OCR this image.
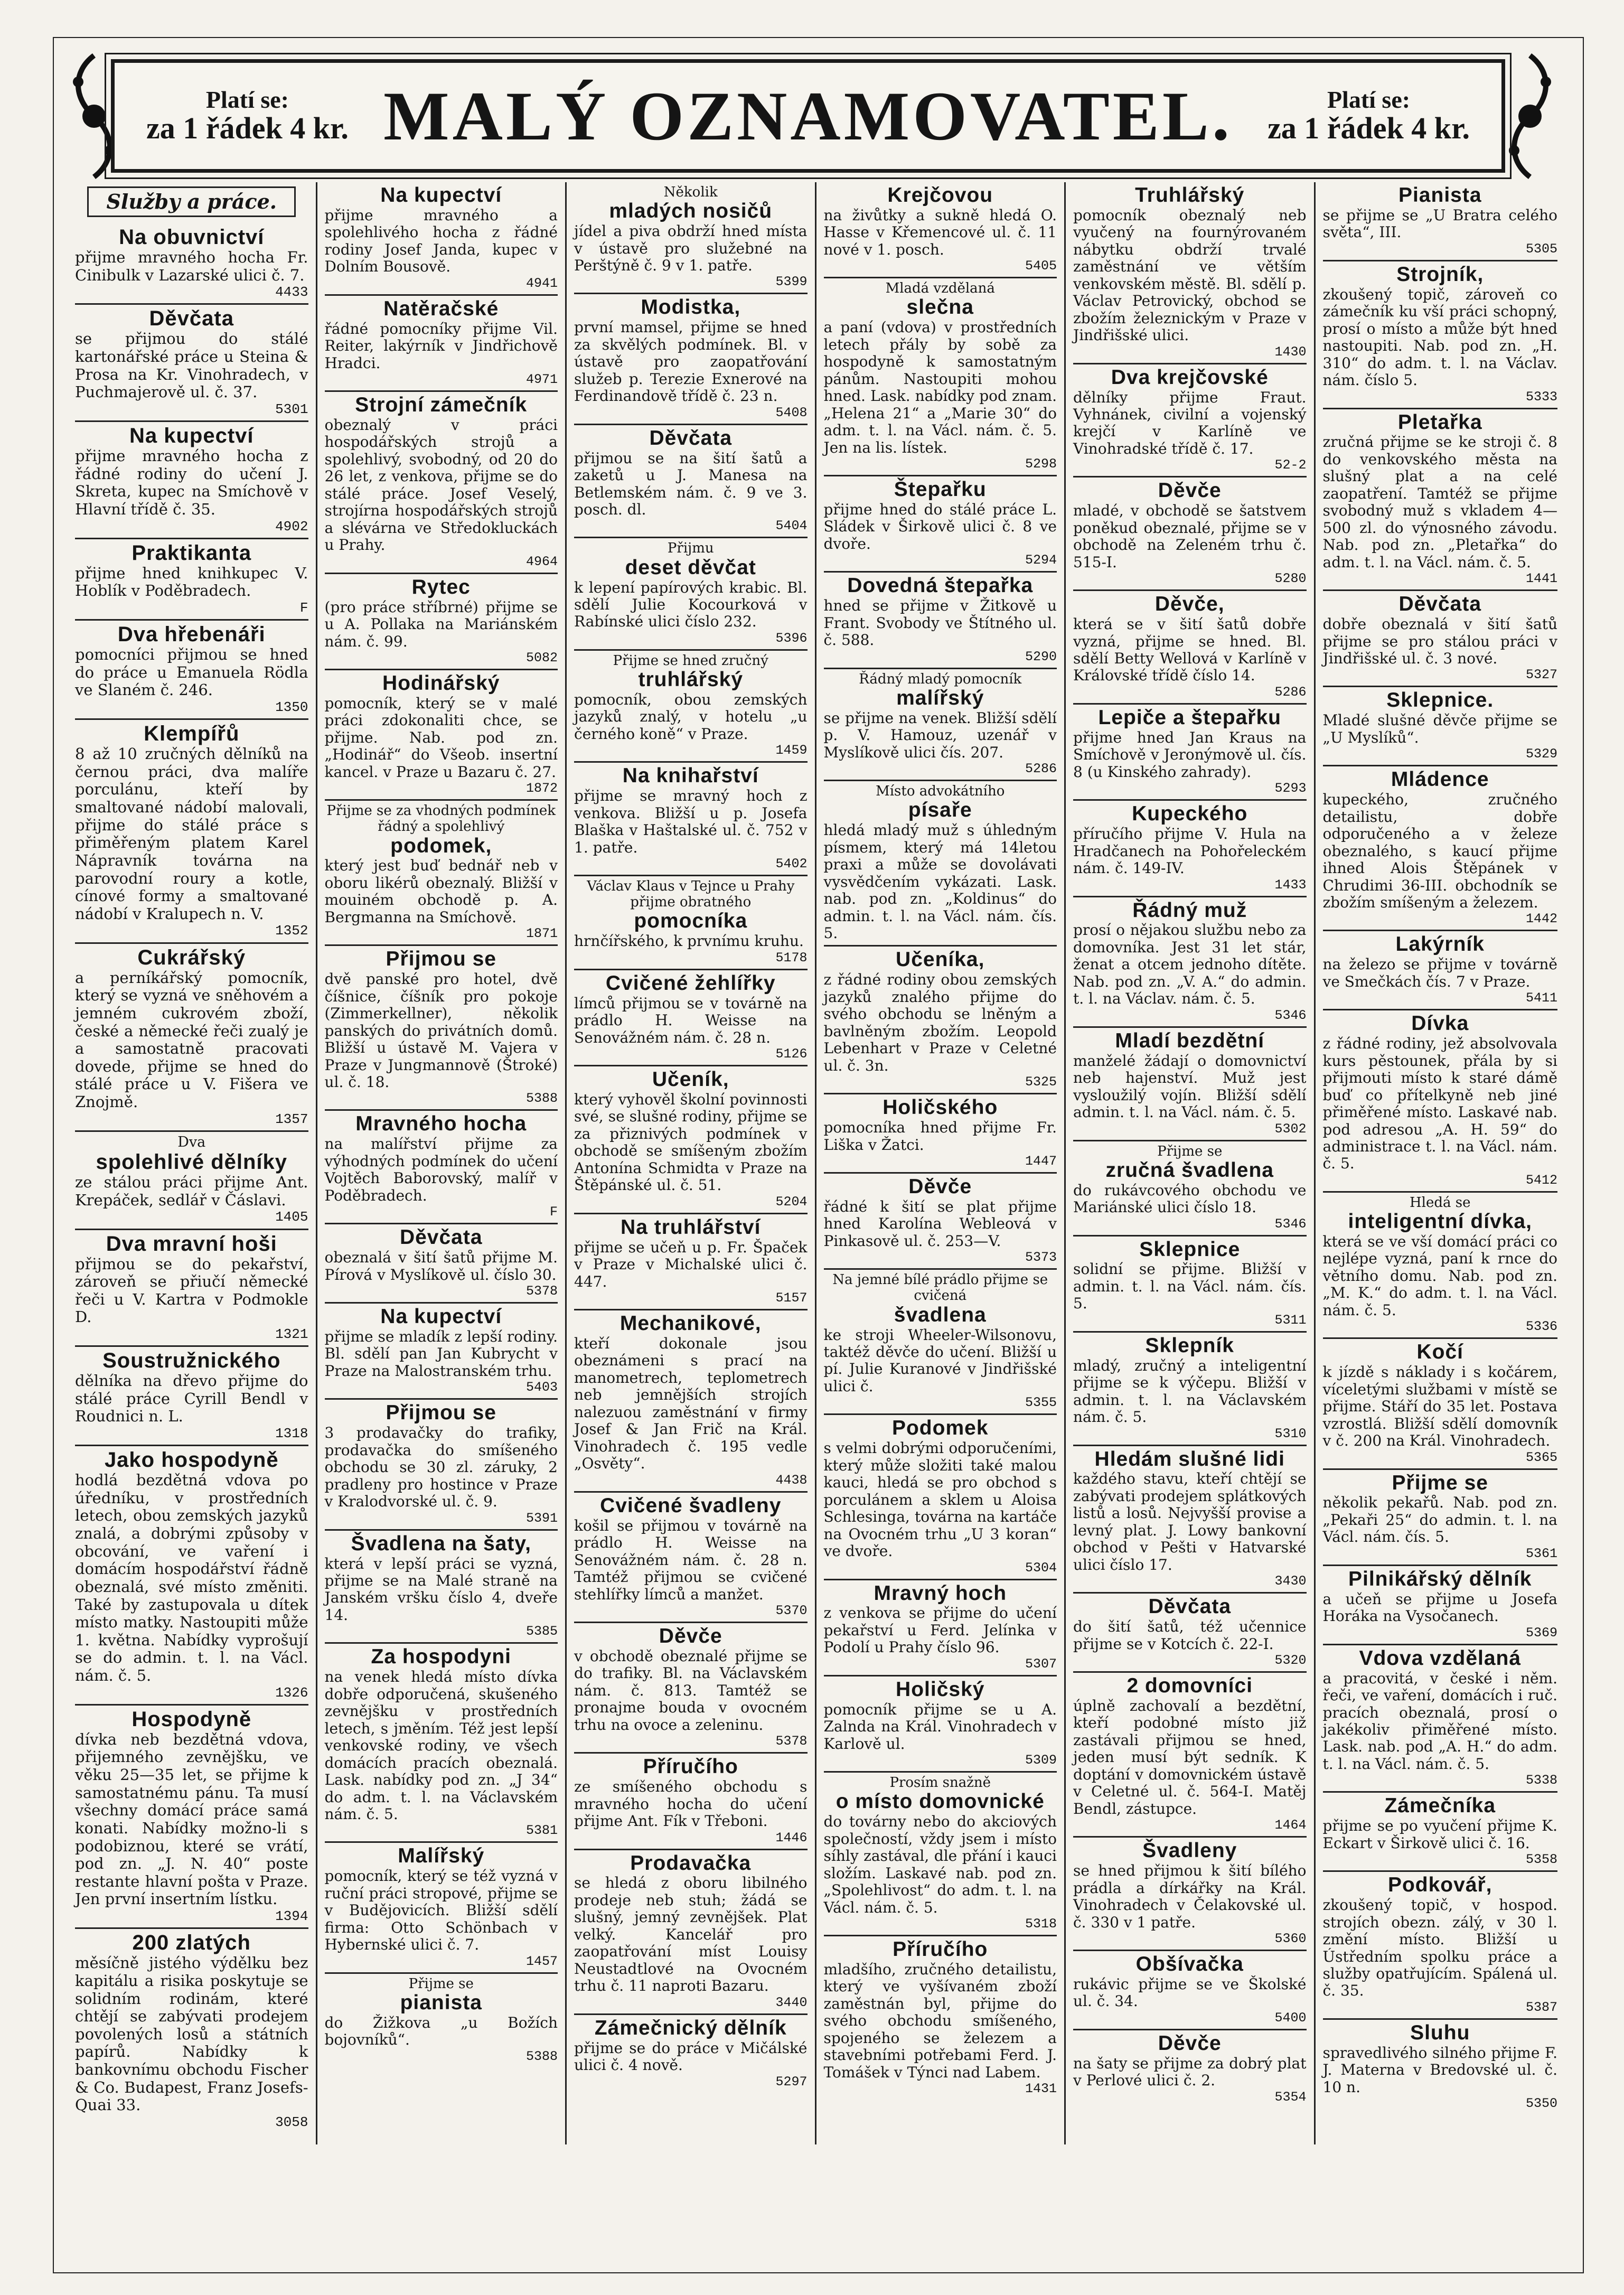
Platí se:
za 1 řádek 4 kr. MALÝ OZNAMOVATEL.	Platí se:
za 1 řádek 4 kr.
Služby a práce.
Na obuvnictví
přijme mravného hocha Fr. Cinibulk v Lazarské ulici č. 7.
4433
Děvčata
se přijmou do stálé kartonářské práce u Steina & Prosa na Kr. Vinohradech, v Puchmajerově ul. č. 37.
5301
Na kupectví
přijme mravného hocha z řádné rodiny do učení J. Skreta, kupec na Smíchově v Hlavní třídě č. 35.
4902
Praktikanta
přijme hned knihkupec V. Hoblík v Poděbradech.
F
Dva hřebenáři
pomocníci přijmou se hned do práce u Emanuela Rödla ve Slaném č. 246.
1350
Klempířů
8 až 10 zručných dělníků na černou práci, dva malíře porculánu, kteří by smaltované nádobí malovali, přijme do stálé práce s přiměřeným platem Karel Nápravník továrna na parovodní roury a kotle, cínové formy a smaltované nádobí v Kralupech n. V.
1352
Cukrářský
a perníkářský pomocník, který se vyzná ve sněhovém a jemném cukrovém zboží, české a německé řeči zualý je a samostatně pracovati dovede, přijme se hned do stálé práce u V. Fišera ve Znojmě.
1357
Dva
spolehlivé dělníky
ze stálou práci přijme Ant. Krepáček, sedlář v Čáslavi.
1405
Dva mravní hoši
přijmou se do pekařství, zároveň se přiučí německé řeči u V. Kartra v Podmokle D.
1321
Soustružnického
dělníka na dřevo přijme do stálé práce Cyrill Bendl v Roudnici n. L.
1318
Jako hospodyně
hodlá bezdětná vdova po úředníku, v prostředních letech, obou zemských jazyků znalá, a dobrými způsoby v obcování, ve vaření i domácím hospodářství řádně obeznalá, své místo změniti. Také by zastupovala u dítek místo matky. Nastoupiti může 1. května. Nabídky vyprošují se do admin. t. l. na Václ. nám. č. 5.
1326
Hospodyně
dívka neb bezdětná vdova, přijemného zevnějšku, ve věku 25—35 let, se přijme k samostatnému pánu. Ta musí všechny domácí práce samá konati. Nabídky možno-li s podobiznou, které se vrátí, pod zn. „J. N. 40“ poste restante hlavní pošta v Praze. Jen první insertním lístku.
1394
200 zlatých
měsíčně jistého výdělku bez kapitálu a risika poskytuje se solidním rodinám, které chtějí se zabývati prodejem povolených losů a státních papírů. Nabídky k bankovnímu obchodu Fischer & Co. Budapest, Franz Josefs-Quai 33.
3058
Na kupectví
přijme mravného a spolehlivého hocha z řádné rodiny Josef Janda, kupec v Dolním Bousově.
4941
Natěračské
řádné pomocníky přijme Vil. Reiter, lakýrník v Jindřichově Hradci.
4971
Strojní zámečník
obeznalý v práci hospodářských strojů a spolehlivý, svobodný, od 20 do 26 let, z venkova, přijme se do stálé práce. Josef Veselý, strojírna hospodářských strojů a slévárna ve Středokluckách u Prahy.
4964
Rytec
(pro práce stříbrné) přijme se u A. Pollaka na Mariánském nám. č. 99.
5082
Hodinářský
pomocník, který se v malé práci zdokonaliti chce, se přijme. Nab. pod zn. „Hodinář“ do Všeob. insertní kancel. v Praze u Bazaru č. 27.
1872
Přijme se za vhodných podmínek řádný a spolehlivý
podomek,
který jest buď bednář neb v oboru likérů obeznalý. Bližší v mouiném obchodě p. A. Bergmanna na Smíchově.
1871
Přijmou se
dvě panské pro hotel, dvě číšnice, číšník pro pokoje (Zimmerkellner), několik panských do privátních domů. Bližší u ústavě M. Vajera v Praze v Jungmannově (Štroké) ul. č. 18.
5388
Mravného hocha
na malířství přijme za výhodných podmínek do učení Vojtěch Baborovský, malíř v Poděbradech.
F
Děvčata
obeznalá v šití šatů přijme M. Pírová v Myslíkově ul. číslo 30.
5378
Na kupectví
přijme se mladík z lepší rodiny. Bl. sdělí pan Jan Kubrycht v Praze na Malostranském trhu.
5403
Přijmou se
3 prodavačky do trafiky, prodavačka do smíšeného obchodu se 30 zl. záruky, 2 pradleny pro hostince v Praze v Kralodvorské ul. č. 9.
5391
Švadlena na šaty,
která v lepší práci se vyzná, přijme se na Malé straně na Janském vršku číslo 4, dveře 14.
5385
Za hospodyni
na venek hledá místo dívka dobře odporučená, skušeného zevnějšku v prostředních letech, s jměním. Též jest lepší venkovské rodiny, ve všech domácích pracích obeznalá. Lask. nabídky pod zn. „J 34“ do adm. t. l. na Václavském nám. č. 5.
5381
Malířský
pomocník, který se též vyzná v ruční práci stropové, přijme se v Budějovicích. Bližší sdělí firma: Otto Schönbach v Hybernské ulici č. 7.
1457
Přijme se
pianista
do Žižkova „u Božích bojovníků“.
5388
Několik
mladých nosičů
jídel a piva obdrží hned místa v ústavě pro služebné na Perštýně č. 9 v 1. patře.
5399
Modistka,
první mamsel, přijme se hned za skvělých podmínek. Bl. v ústavě pro zaopatřování služeb p. Terezie Exnerové na Ferdinandově třídě č. 23 n.
5408
Děvčata
přijmou se na šití šatů a zaketů u J. Manesa na Betlemském nám. č. 9 ve 3. posch. dl.
5404
Přijmu
deset děvčat
k lepení papírových krabic. Bl. sdělí Julie Kocourková v Rabínské ulici číslo 232.
5396
Přijme se hned zručný
truhlářský
pomocník, obou zemských jazyků znalý, v hotelu „u černého koně“ v Praze.
1459
Na knihařství
přijme se mravný hoch z venkova. Bližší u p. Josefa Blaška v Haštalské ul. č. 752 v 1. patře.
5402
Václav Klaus v Tejnce u Prahy přijme obratného
pomocníka
hrnčířského, k prvnímu kruhu.
5178
Cvičené žehlířky
límců přijmou se v továrně na prádlo H. Weisse na Senovážném nám. č. 28 n.
5126
Učeník,
který vyhověl školní povinnosti své, se slušné rodiny, přijme se za přiznivých podmínek v obchodě se smíšeným zbožím Antonína Schmidta v Praze na Štěpánské ul. č. 51.
5204
Na truhlářství
přijme se učeň u p. Fr. Špaček v Praze v Michalské ulici č. 447.
5157
Mechanikové,
kteří dokonale jsou obeznámeni s prací na manometrech, teplometrech neb jemnějších strojích nalezuou zaměstnání v firmy Josef & Jan Frič na Král. Vinohradech č. 195 vedle „Osvěty“.
4438
Cvičené švadleny
košil se přijmou v továrně na prádlo H. Weisse na Senovážném nám. č. 28 n. Tamtéž přijmou se cvičené stehlířky límců a manžet.
5370
Děvče
v obchodě obeznalé přijme se do trafiky. Bl. na Václavském nám. č. 813. Tamtéž se pronajme bouda v ovocném trhu na ovoce a zeleninu.
5378
Příručího
ze smíšeného obchodu s mravného hocha do učení přijme Ant. Fík v Třeboni.
1446
Prodavačka
se hledá z oboru libilného prodeje neb stuh; žádá se slušný, jemný zevnějšek. Plat velký. Kancelář pro zaopatřování míst Louisy Neustadtlové na Ovocném trhu č. 11 naproti Bazaru.
3440
Zámečnický dělník
přijme se do práce v Mičálské ulici č. 4 nově.
5297
Krejčovou
na živůtky a sukně hledá O. Hasse v Křemencové ul. č. 11 nové v 1. posch.
5405
Mladá vzdělaná
slečna
a paní (vdova) v prostředních letech přály by sobě za hospodyně k samostatným pánům. Nastoupiti mohou hned. Lask. nabídky pod znam. „Helena 21“ a „Marie 30“ do adm. t. l. na Václ. nám. č. 5. Jen na lis. lístek.
5298
Štepařku
přijme hned do stálé práce L. Sládek v Širkově ulici č. 8 ve dvoře.
5294
Dovedná štepařka
hned se přijme v Žitkově u Frant. Svobody ve Štítného ul. č. 588.
5290
Řádný mladý pomocník
malířský
se přijme na venek. Bližší sdělí p. V. Hamouz, uzenář v Myslíkově ulici čís. 207.
5286
Místo advokátního
písaře
hledá mladý muž s úhledným písmem, který má 14letou praxi a může se dovolávati vysvědčením vykázati. Lask. nab. pod zn. „Koldinus“ do admin. t. l. na Václ. nám. čís. 5.
Učeníka,
z řádné rodiny obou zemských jazyků znalého přijme do svého obchodu se lněným a bavlněným zbožím. Leopold Lebenhart v Praze v Celetné ul. č. 3n.
5325
Holičského
pomocníka hned přijme Fr. Liška v Žatci.
1447
Děvče
řádné k šití se plat přijme hned Karolína Webleová v Pinkasově ul. č. 253—V.
5373
Na jemné bílé prádlo přijme se cvičená
švadlena
ke stroji Wheeler-Wilsonovu, taktéž děvče do učení. Bližší u pí. Julie Kuranové v Jindřišské ulici č.
5355
Podomek
s velmi dobrými odporučeními, který může složiti také malou kauci, hledá se pro obchod s porculánem a sklem u Aloisa Schlesinga, továrna na kartáče na Ovocném trhu „U 3 koran“ ve dvoře.
5304
Mravný hoch
z venkova se přijme do učení pekařství u Ferd. Jelínka v Podolí u Prahy číslo 96.
5307
Holičský
pomocník přijme se u A. Zalnda na Král. Vinohradech v Karlově ul.
5309
Prosím snažně
o místo domovnické
do továrny nebo do akciových společností, vždy jsem i místo síhly zastával, dle přání i kauci složím. Laskavé nab. pod zn. „Spolehlivost“ do adm. t. l. na Václ. nám. č. 5.
5318
Příručího
mladšího, zručného detailistu, který ve vyšívaném zboží zaměstnán byl, přijme do svého obchodu smíšeného, spojeného se železem a stavebními potřebami Ferd. J. Tomášek v Týnci nad Labem.
1431
Truhlářský
pomocník obeznalý neb vyučený na fournýrovaném nábytku obdrží trvalé zaměstnání ve větším venkovském městě. Bl. sdělí p. Václav Petrovický, obchod se zbožím železnickým v Praze v Jindřišské ulici.
1430
Dva krejčovské
dělníky přijme Fraut. Vyhnánek, civilní a vojenský krejčí v Karlíně ve Vinohradské třídě č. 17.
52-2
Děvče
mladé, v obchodě se šatstvem poněkud obeznalé, přijme se v obchodě na Zeleném trhu č. 515-I.
5280
Děvče,
která se v šití šatů dobře vyzná, přijme se hned. Bl. sdělí Betty Wellová v Karlíně v Královské třídě číslo 14.
5286
Lepiče a štepařku
přijme hned Jan Kraus na Smíchově v Jeronýmově ul. čís. 8 (u Kinského zahrady).
5293
Kupeckého
příručího přijme V. Hula na Hradčanech na Pohořeleckém nám. č. 149-IV.
1433
Řádný muž
prosí o nějakou službu nebo za domovníka. Jest 31 let stár, ženat a otcem jednoho dítěte. Nab. pod zn. „V. A.“ do admin. t. l. na Václav. nám. č. 5.
5346
Mladí bezdětní
manželé žádají o domovnictví neb hajenství. Muž jest vysloužilý vojín. Bližší sdělí admin. t. l. na Václ. nám. č. 5.
5302
Přijme se
zručná švadlena
do rukávcového obchodu ve Mariánské ulici číslo 18.
5346
Sklepnice
solidní se přijme. Bližší v admin. t. l. na Václ. nám. čís. 5.
5311
Sklepník
mladý, zručný a inteligentní přijme se k výčepu. Bližší v admin. t. l. na Václavském nám. č. 5.
5310
Hledám slušné lidi
každého stavu, kteří chtějí se zabývati prodejem splátkových listů a losů. Nejvyšší provise a levný plat. J. Lowy bankovní obchod v Pešti v Hatvarské ulici číslo 17.
3430
Děvčata
do šití šatů, též učennice přijme se v Kotcích č. 22-I.
5320
2 domovníci
úplně zachovalí a bezdětní, kteří podobné místo již zastávali přijmou se hned, jeden musí být sedník. K doptání v domovnickém ústavě v Celetné ul. č. 564-I. Matěj Bendl, zástupce.
1464
Švadleny
se hned přijmou k šití bílého prádla a dírkářky na Král. Vinohradech v Čelakovské ul. č. 330 v 1 patře.
5360
Obšívačka
rukávic přijme se ve Školské ul. č. 34.
5400
Děvče
na šaty se přijme za dobrý plat v Perlové ulici č. 2.
5354
Pianista
se přijme se „U Bratra celého světa“, III.
5305
Strojník,
zkoušený topič, zároveň co zámečník ku vší práci schopný, prosí o místo a může být hned nastoupiti. Nab. pod zn. „H. 310“ do adm. t. l. na Václav. nám. číslo 5.
5333
Pletařka
zručná přijme se ke stroji č. 8 do venkovského města na slušný plat a na celé zaopatření. Tamtéž se přijme svobodný muž s vkladem 4—500 zl. do výnosného závodu. Nab. pod zn. „Pletařka“ do adm. t. l. na Václ. nám. č. 5.
1441
Děvčata
dobře obeznalá v šití šatů přijme se pro stálou práci v Jindřišské ul. č. 3 nové.
5327
Sklepnice.
Mladé slušné děvče přijme se „U Myslíků“.
5329
Mládence
kupeckého, zručného detailistu, dobře odporučeného a v železe obeznalého, s kaucí přijme ihned Alois Štěpánek v Chrudimi 36-III. obchodník se zbožím smíšeným a železem.
1442
Lakýrník
na železo se přijme v továrně ve Smečkách čís. 7 v Praze.
5411
Dívka
z řádné rodiny, jež absolvovala kurs pěstounek, přála by si přijmouti místo k staré dámě buď co přítelkyně neb jiné přiměřené místo. Laskavé nab. pod adresou „A. H. 59“ do administrace t. l. na Václ. nám. č. 5.
5412
Hledá se
inteligentní dívka,
která se ve vší domácí práci co nejlépe vyzná, paní k rnce do větního domu. Nab. pod zn. „M. K.“ do adm. t. l. na Václ. nám. č. 5.
5336
Kočí
k jízdě s náklady i s kočárem, víceletými službami v místě se přijme. Stáří do 35 let. Postava vzrostlá. Bližší sdělí domovník v č. 200 na Král. Vinohradech.
5365
Přijme se
několik pekařů. Nab. pod zn. „Pekaři 25“ do admin. t. l. na Václ. nám. čís. 5.
5361
Pilnikářský dělník
a učeň se přijme u Josefa Horáka na Vysočanech.
5369
Vdova vzdělaná
a pracovitá, v české i něm. řeči, ve vaření, domácích i ruč. pracích obeznalá, prosí o jakékoliv přiměřené místo. Lask. nab. pod „A. H.“ do adm. t. l. na Václ. nám. č. 5.
5338
Zámečníka
přijme se po vyučení přijme K. Eckart v Širkově ulici č. 16.
5358
Podkovář,
zkoušený topič, v hospod. strojích obezn. zálý, v 30 l. změní místo. Bližší u Ústředním spolku práce a služby opatřujícím. Spálená ul. č. 35.
5387
Sluhu
spravedlivého silného přijme F. J. Materna v Bredovské ul. č. 10 n.
5350
